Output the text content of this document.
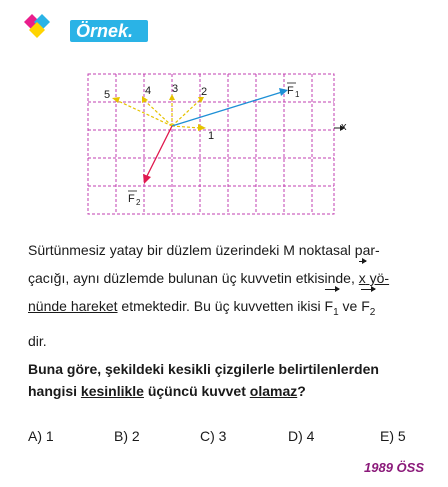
Örnek.
5	4 3 2
1
x
F 1
F 2
Sürtünmesiz yatay bir düzlem üzerindeki M noktasal par-
çacığı, aynı düzlemde bulunan üç kuvvetin etkisinde, x yö-
nünde hareket etmektedir. Bu üç kuvvetten ikisi $F_1$ ve $F_2$
dir.
Buna göre, şekildeki kesikli çizgilerle belirtilenlerden
hangisi kesinlikle üçüncü kuvvet olamaz?
A) 1	B) 2	C) 3	D) 4	E) 5
1989 ÖSS
